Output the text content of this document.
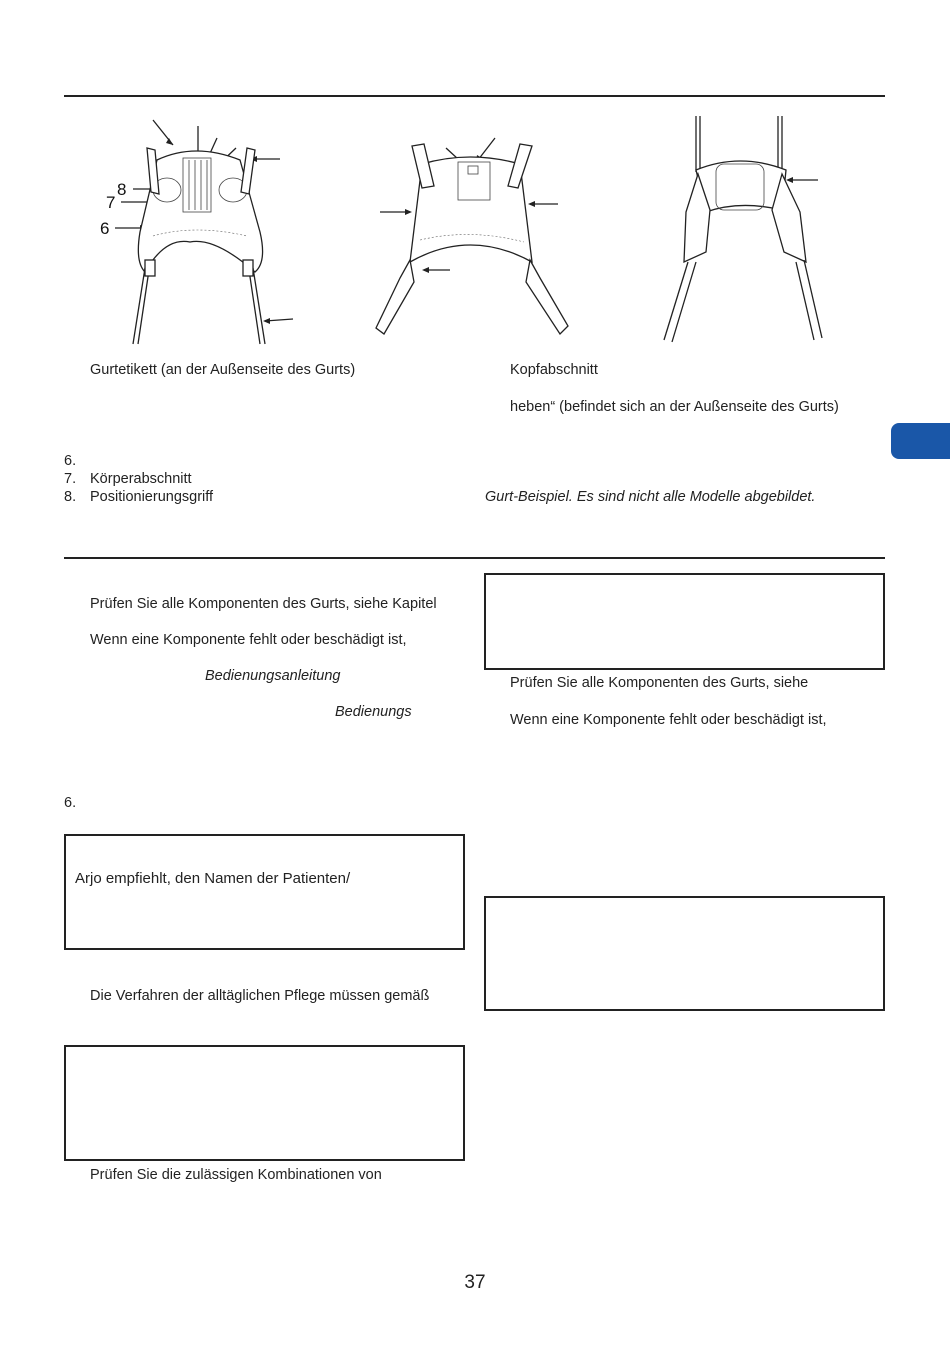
8
7
6
Gurtetikett (an der Außenseite des Gurts)
6.
7. Körperabschnitt
8. Positionierungsgriff
Kopfabschnitt
heben“ (befindet sich an der Außenseite des Gurts)
Gurt-Beispiel. Es sind nicht alle Modelle abgebildet.
Prüfen Sie alle Komponenten des Gurts, siehe Kapitel
Wenn eine Komponente fehlt oder beschädigt ist,
Bedienungsanleitung
Bedienungs
6.
Arjo empfiehlt, den Namen der Patienten/
Die Verfahren der alltäglichen Pflege müssen gemäß
Prüfen Sie die zulässigen Kombinationen von
Prüfen Sie alle Komponenten des Gurts, siehe
Wenn eine Komponente fehlt oder beschädigt ist,
37
